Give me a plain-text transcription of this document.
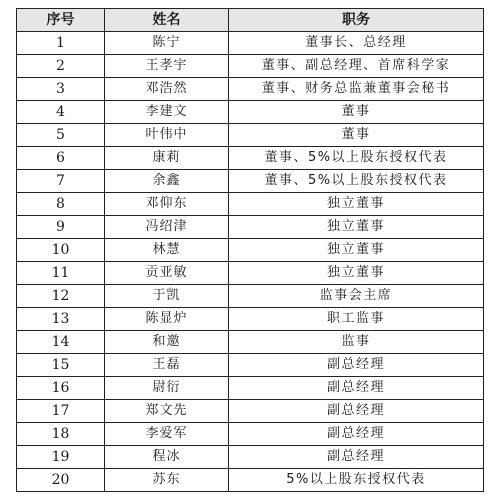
序号	姓名	职务
1	陈宁	董事长、总经理
2	王孝宇	董事、副总经理、首席科学家
3	邓浩然	董事、财务总监兼董事会秘书
4	李建文	董事
5	叶伟中	董事
6	康莉	董事、5%以上股东授权代表
7	余鑫	董事、5%以上股东授权代表
8	邓仰东	独立董事
9	冯绍津	独立董事
10	林慧	独立董事
11	贡亚敏	独立董事
12	于凯	监事会主席
13	陈显炉	职工监事
14	和邀	监事
15	王磊	副总经理
16	尉衍	副总经理
17	郑文先	副总经理
18	李爱军	副总经理
19	程冰	副总经理
20	苏东	5%以上股东授权代表
